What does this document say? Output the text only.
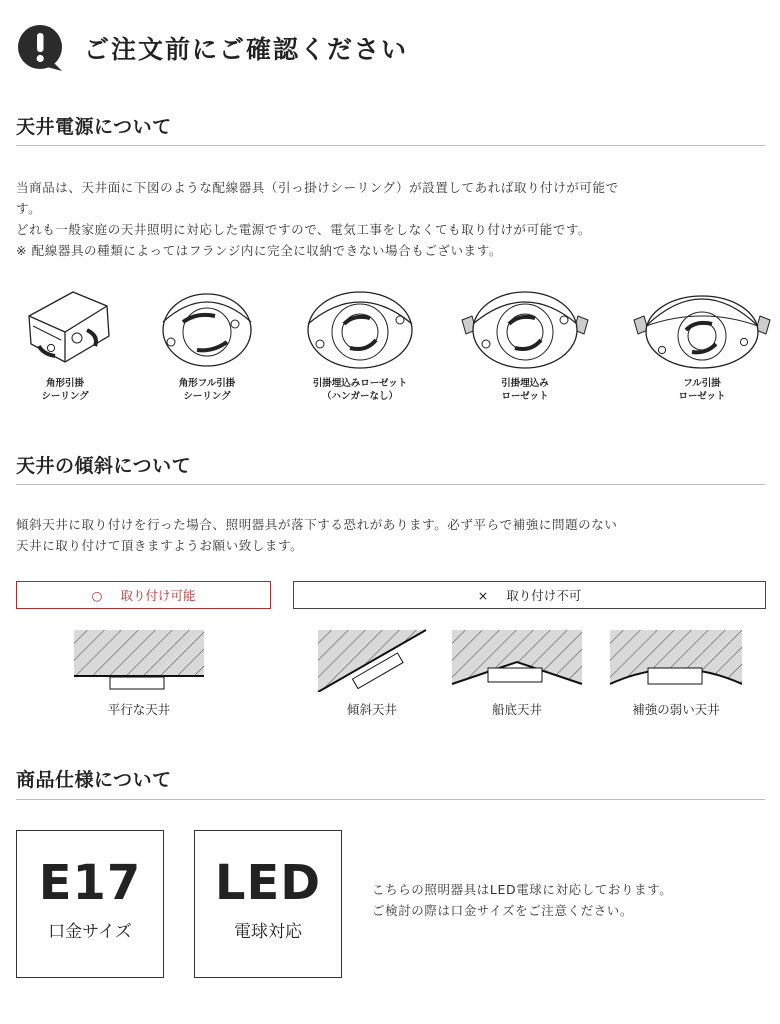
ご注文前にご確認ください
天井電源について

当商品は、天井面に下図のような配線器具（引っ掛けシーリング）が設置してあれば取り付けが可能で

す。

どれも一般家庭の天井照明に対応した電源ですので、電気工事をしなくても取り付けが可能です。

※ 配線器具の種類によってはフランジ内に完全に収納できない場合もございます。

角形引掛
シーリング
角形フル引掛
シーリング
引掛埋込みローゼット
（ハンガーなし）
引掛埋込み
ローゼット
フル引掛
ローゼット
天井の傾斜について

傾斜天井に取り付けを行った場合、照明器具が落下する恐れがあります。必ず平らで補強に問題のない

天井に取り付けて頂きますようお願い致します。

○ 取り付け可能	× 取り付け不可
平行な天井	傾斜天井	船底天井	補強の弱い天井
商品仕様について
E17
口金サイズ
LED
電球対応

こちらの照明器具はLED電球に対応しております。

ご検討の際は口金サイズをご注意ください。
